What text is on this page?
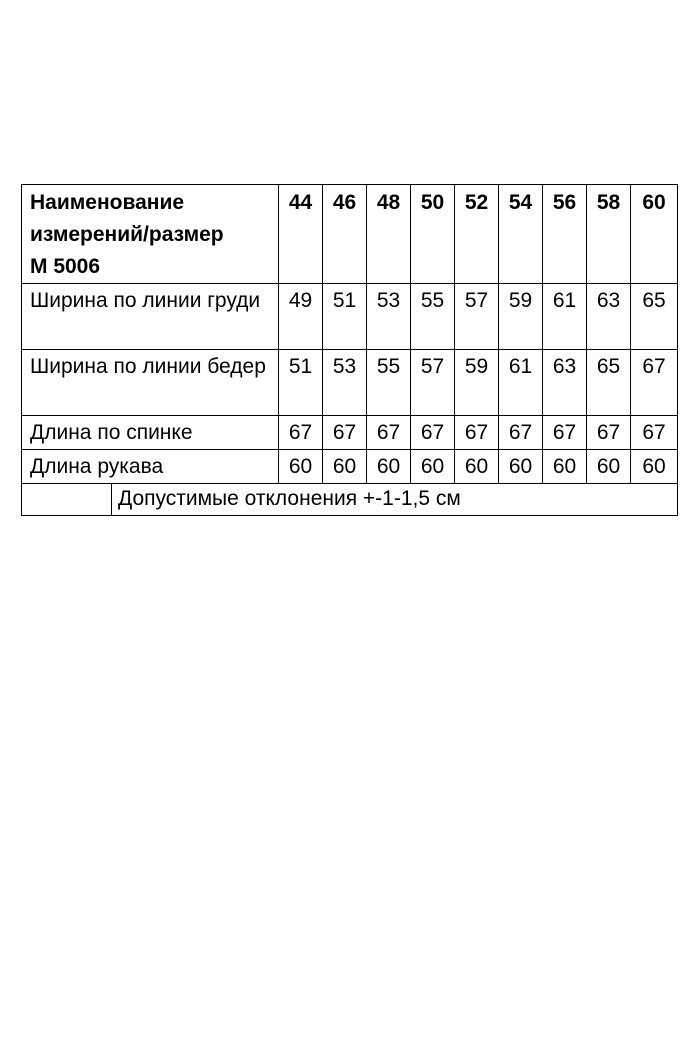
Наименование
измерений/размер
М 5006		44	46	48	50	52	54	56	58	60
Ширина по линии груди		49	51	53	55	57	59	61	63	65
Ширина по линии бедер		51	53	55	57	59	61	63	65	67
Длина по спинке		67	67	67	67	67	67	67	67	67
Длина рукава		60	60	60	60	60	60	60	60	60
	Допустимые отклонения +-1-1,5 см									
